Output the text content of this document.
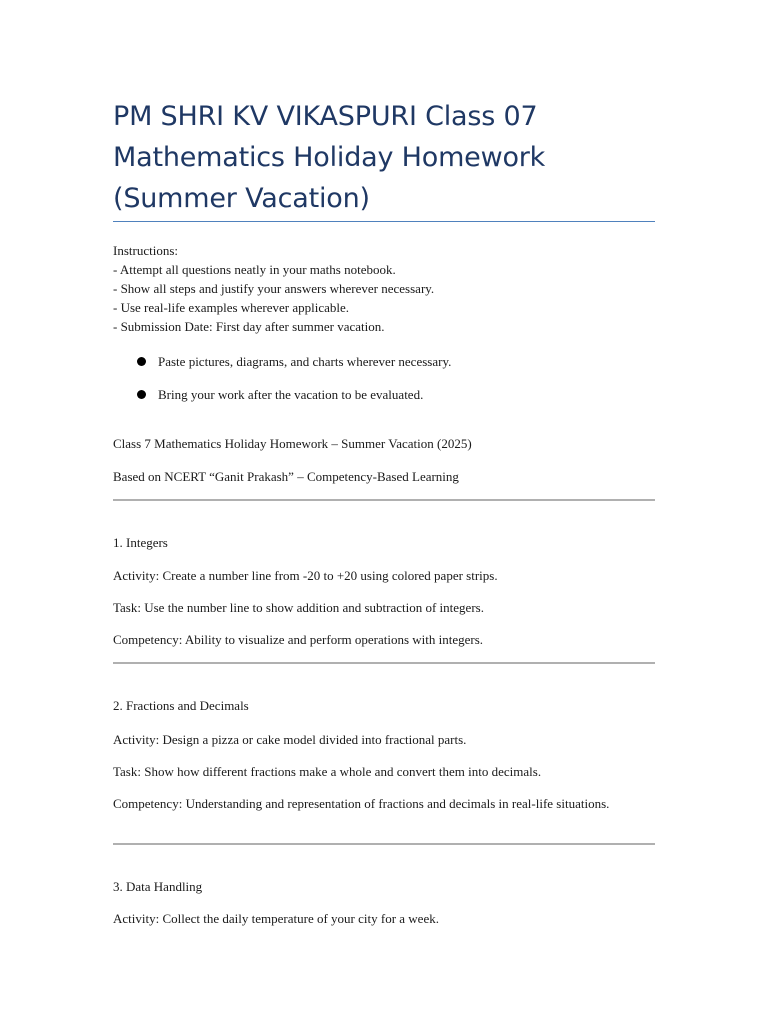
PM SHRI KV VIKASPURI Class 07
Mathematics Holiday Homework
(Summer Vacation)
Instructions:
- Attempt all questions neatly in your maths notebook.
- Show all steps and justify your answers wherever necessary.
- Use real-life examples wherever applicable.
- Submission Date: First day after summer vacation.
Paste pictures, diagrams, and charts wherever necessary.
Bring your work after the vacation to be evaluated.
Class 7 Mathematics Holiday Homework – Summer Vacation (2025)
Based on NCERT “Ganit Prakash” – Competency-Based Learning
1. Integers
Activity: Create a number line from -20 to +20 using colored paper strips.
Task: Use the number line to show addition and subtraction of integers.
Competency: Ability to visualize and perform operations with integers.
2. Fractions and Decimals
Activity: Design a pizza or cake model divided into fractional parts.
Task: Show how different fractions make a whole and convert them into decimals.
Competency: Understanding and representation of fractions and decimals in real-life situations.
3. Data Handling
Activity: Collect the daily temperature of your city for a week.
